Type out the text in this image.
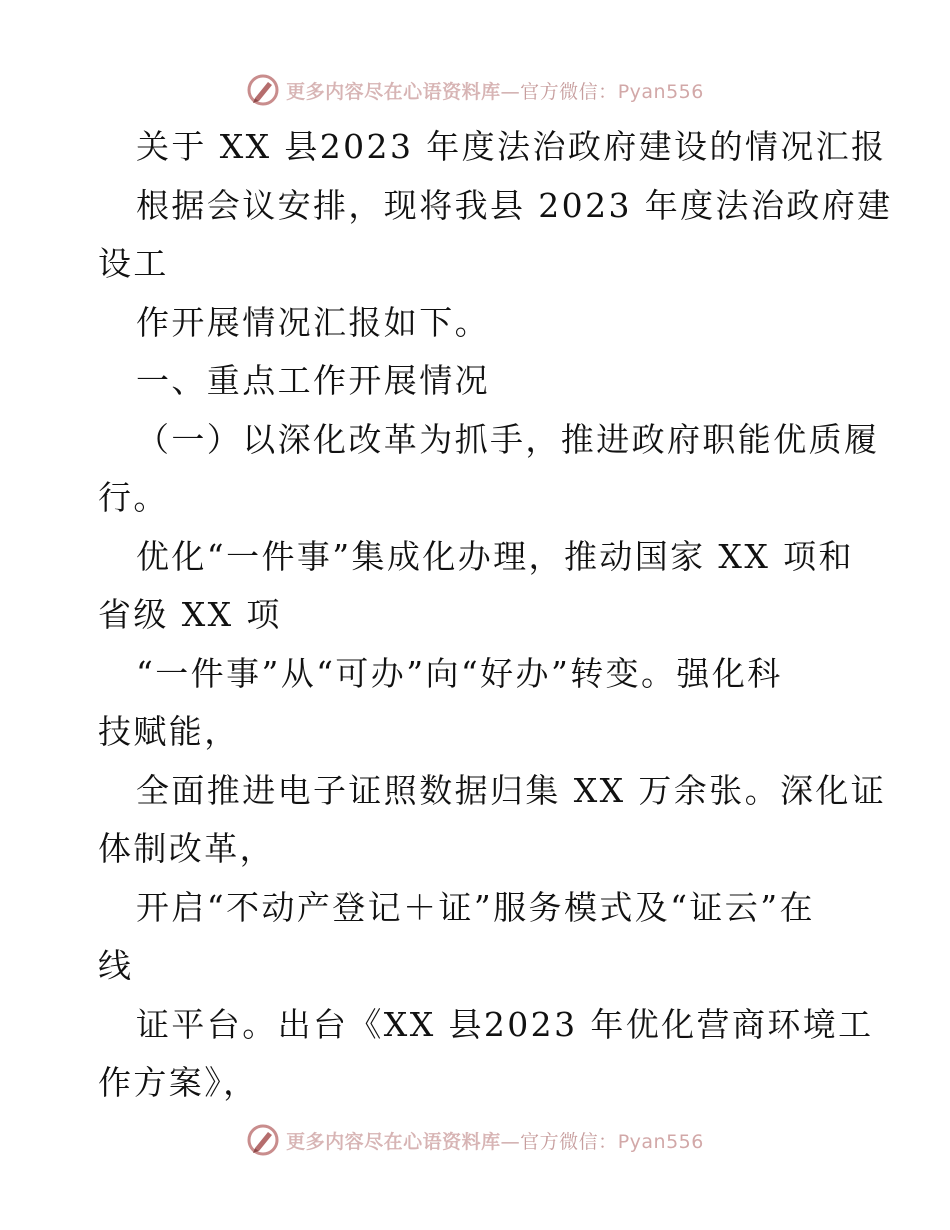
更多内容尽在心语资料库—官方微信：Pyan556
关于 XX 县2023 年度法治政府建设的情况汇报
根据会议安排，现将我县 2023 年度法治政府建
设工
作开展情况汇报如下。
一、重点工作开展情况
（一）以深化改革为抓手，推进政府职能优质履
行。
优化“一件事”集成化办理，推动国家 XX 项和
省级 XX 项
“一件事”从“可办”向“好办”转变。强化科
技赋能，
全面推进电子证照数据归集 XX 万余张。深化证
体制改革，
开启“不动产登记＋证”服务模式及“证云”在
线
证平台。出台《XX 县2023 年优化营商环境工
作方案》，
更多内容尽在心语资料库—官方微信：Pyan556
